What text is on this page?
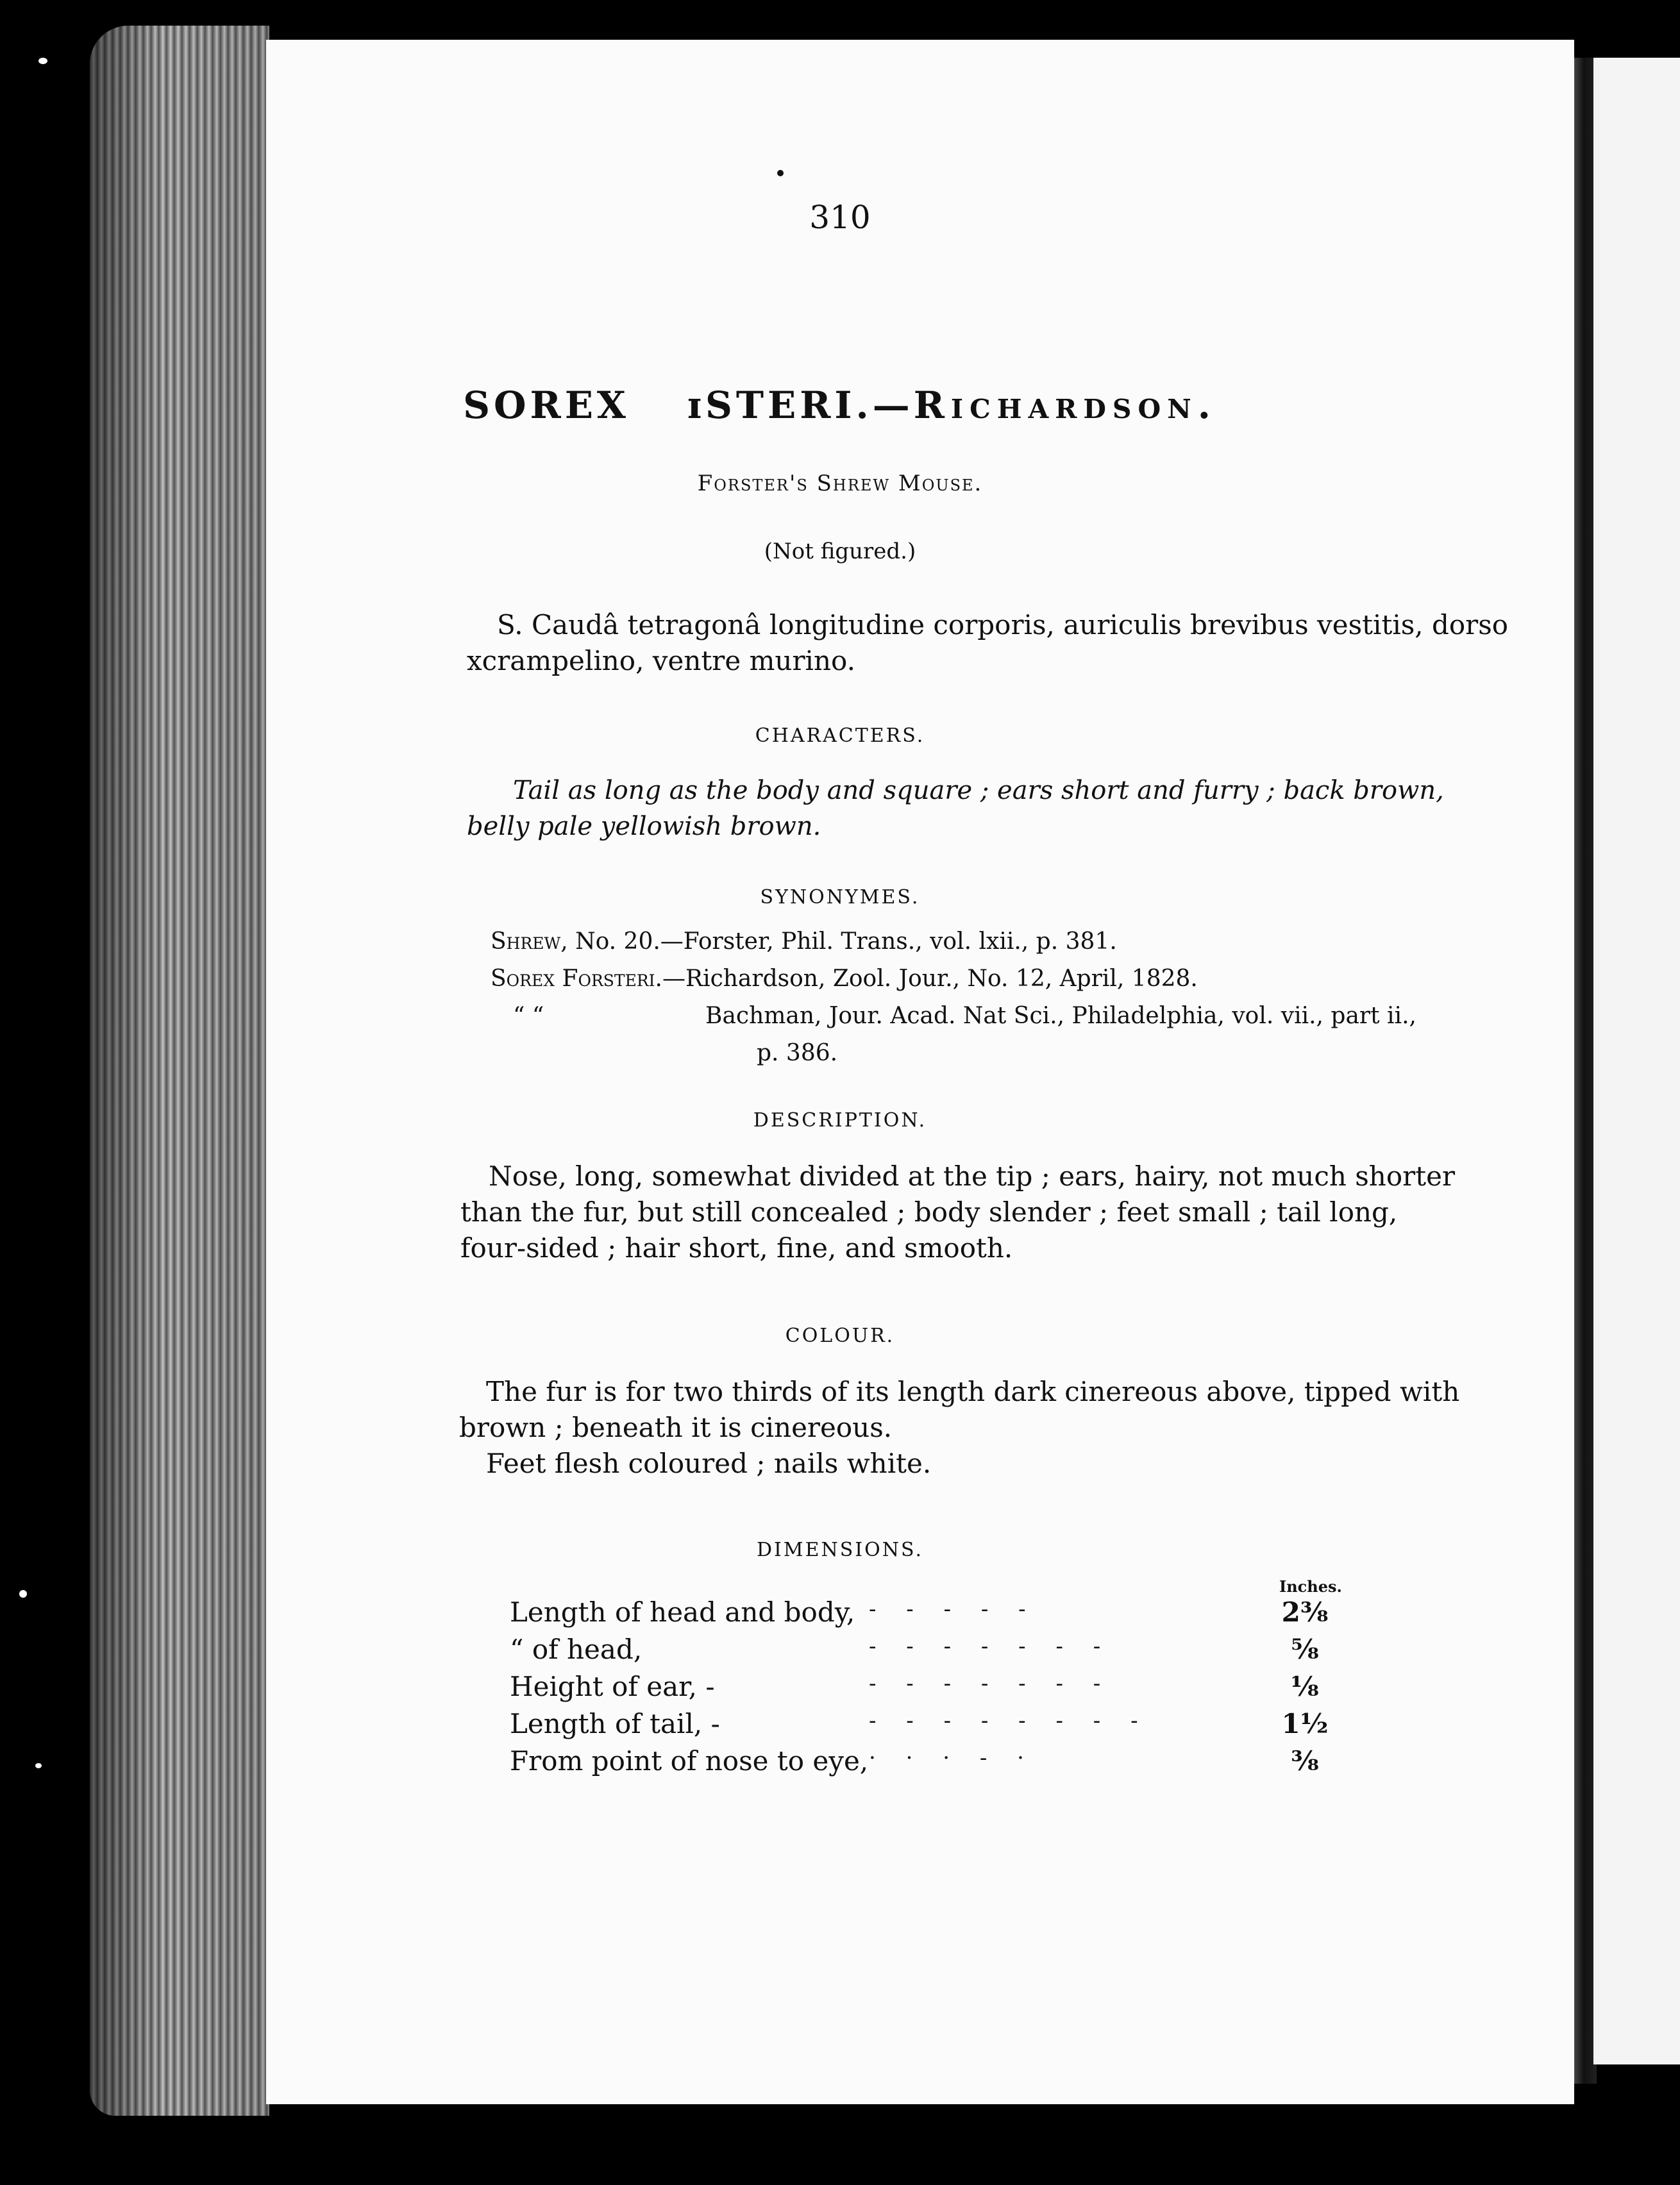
310
SOREX ɪSTERI.—Richardson.
Forster's Shrew Mouse.
(Not figured.)
S. Caudâ tetragonâ longitudine corporis, auriculis brevibus vestitis, dorso
xcrampelino, ventre murino.
CHARACTERS.
Tail as long as the body and square ; ears short and furry ; back brown,
belly pale yellowish brown.
SYNONYMES.
Shrew, No. 20.—Forster, Phil. Trans., vol. lxii., p. 381.
Sorex Forsteri.—Richardson, Zool. Jour., No. 12, April, 1828.
“ “	Bachman, Jour. Acad. Nat Sci., Philadelphia, vol. vii., part ii.,
p. 386.
DESCRIPTION.
Nose, long, somewhat divided at the tip ; ears, hairy, not much shorter
than the fur, but still concealed ; body slender ; feet small ; tail long,
four-sided ; hair short, fine, and smooth.
COLOUR.
The fur is for two thirds of its length dark cinereous above, tipped with
brown ; beneath it is cinereous.
Feet flesh coloured ; nails white.
DIMENSIONS.
Inches.
Length of head and body, - - - - -	2⅜
“ of head,	- - - - - - -	⅝
Height of ear, -	- - - - - - -	⅛
Length of tail, -	- - - - - - - -	1½
From point of nose to eye, · · · - ·	⅜
